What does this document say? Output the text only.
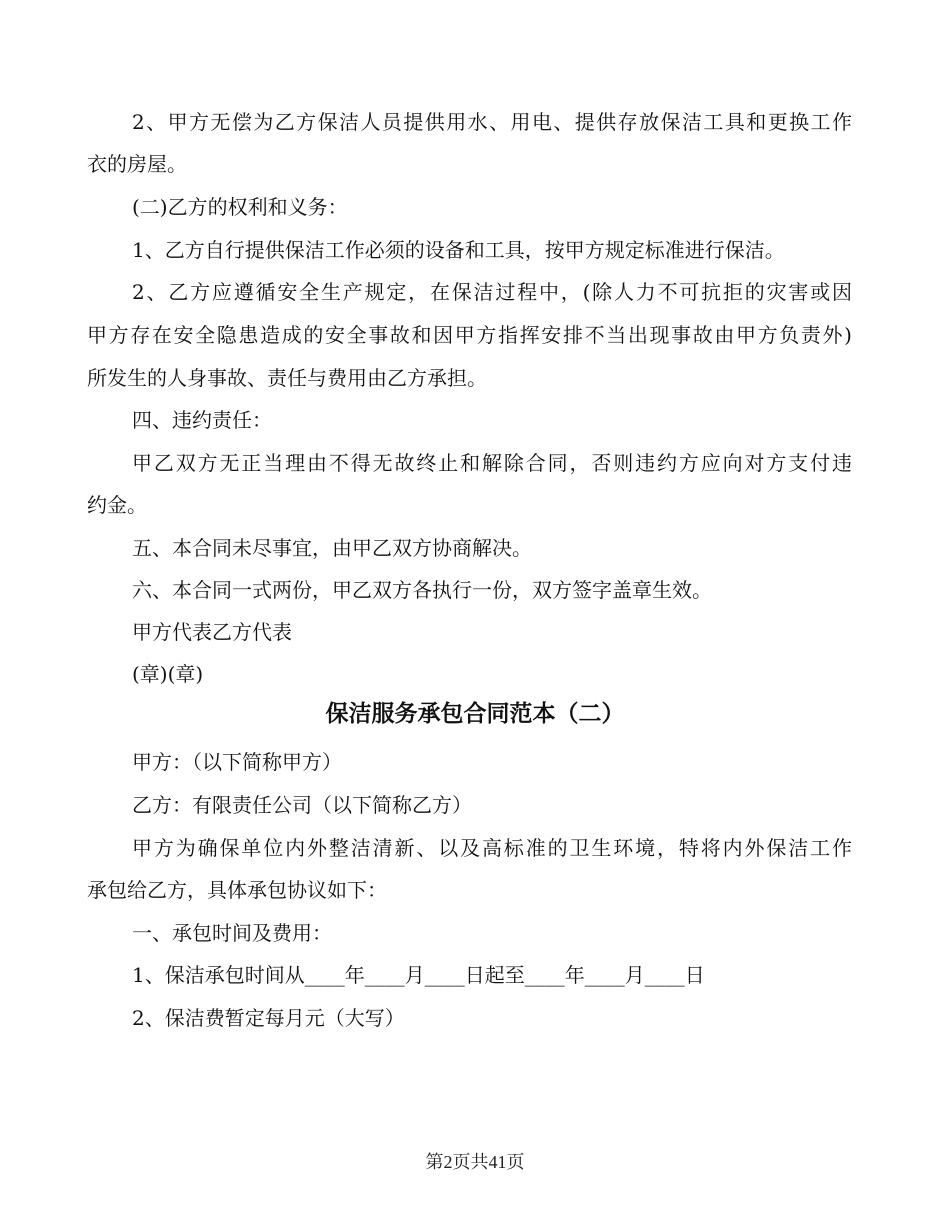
2、甲方无偿为乙方保洁人员提供用水、用电、提供存放保洁工具和更换工作

衣的房屋。

(二)乙方的权利和义务：

1、乙方自行提供保洁工作必须的设备和工具，按甲方规定标准进行保洁。

2、乙方应遵循安全生产规定，在保洁过程中，(除人力不可抗拒的灾害或因

甲方存在安全隐患造成的安全事故和因甲方指挥安排不当出现事故由甲方负责外)

所发生的人身事故、责任与费用由乙方承担。

四、违约责任：

甲乙双方无正当理由不得无故终止和解除合同，否则违约方应向对方支付违

约金。

五、本合同未尽事宜，由甲乙双方协商解决。

六、本合同一式两份，甲乙双方各执行一份，双方签字盖章生效。

甲方代表乙方代表

(章)(章)

保洁服务承包合同范本（二）

甲方：（以下简称甲方）

乙方：有限责任公司（以下简称乙方）

甲方为确保单位内外整洁清新、以及高标准的卫生环境，特将内外保洁工作

承包给乙方，具体承包协议如下：

一、承包时间及费用：

1、保洁承包时间从____年____月____日起至____年____月____日

2、保洁费暂定每月元（大写）

第2页共41页
